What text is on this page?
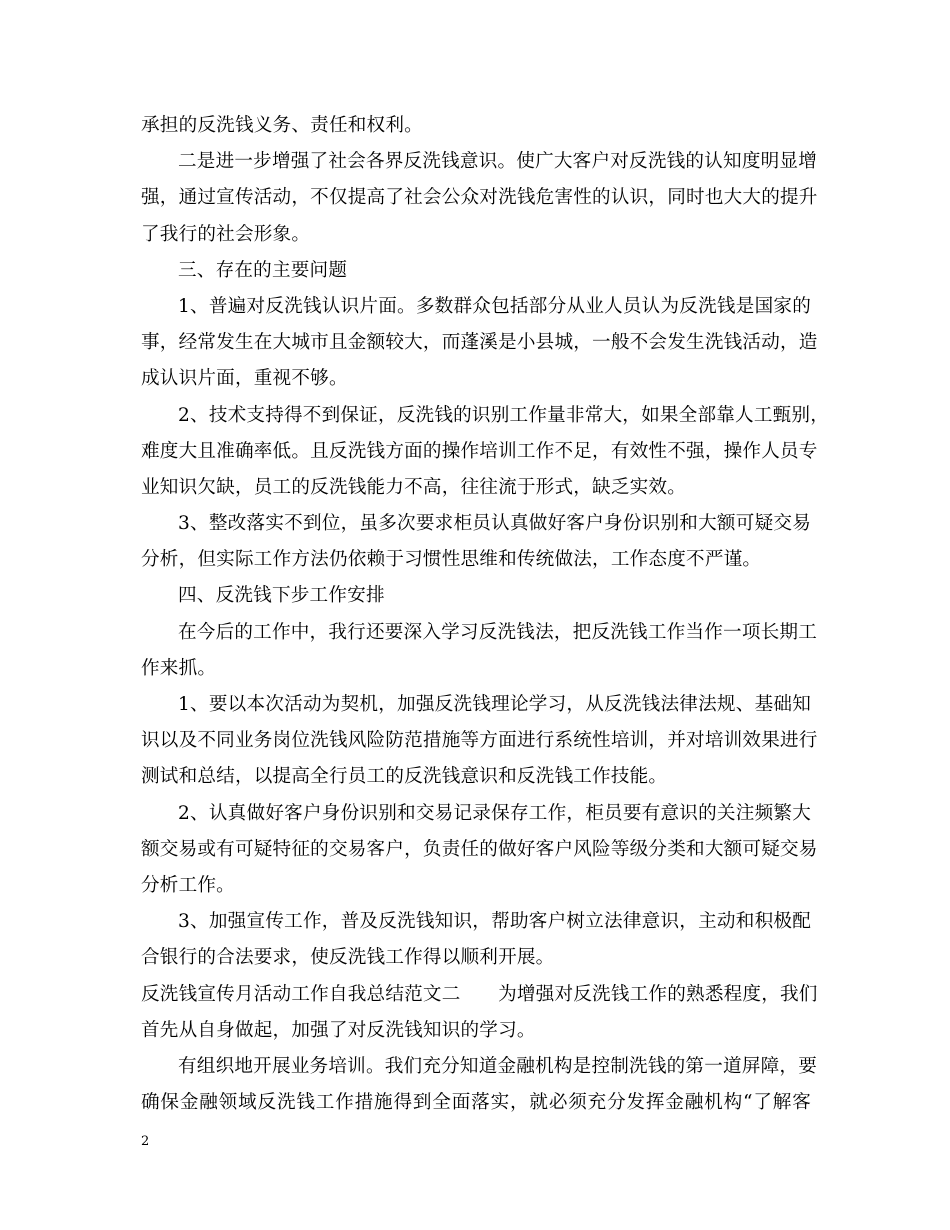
承担的反洗钱义务、责任和权利。
二是进一步增强了社会各界反洗钱意识。使广大客户对反洗钱的认知度明显增
强，通过宣传活动，不仅提高了社会公众对洗钱危害性的认识，同时也大大的提升
了我行的社会形象。
三、存在的主要问题
1、普遍对反洗钱认识片面。多数群众包括部分从业人员认为反洗钱是国家的
事，经常发生在大城市且金额较大，而蓬溪是小县城，一般不会发生洗钱活动，造
成认识片面，重视不够。
2、技术支持得不到保证，反洗钱的识别工作量非常大，如果全部靠人工甄别，
难度大且准确率低。且反洗钱方面的操作培训工作不足，有效性不强，操作人员专
业知识欠缺，员工的反洗钱能力不高，往往流于形式，缺乏实效。
3、整改落实不到位，虽多次要求柜员认真做好客户身份识别和大额可疑交易
分析，但实际工作方法仍依赖于习惯性思维和传统做法，工作态度不严谨。
四、反洗钱下步工作安排
在今后的工作中，我行还要深入学习反洗钱法，把反洗钱工作当作一项长期工
作来抓。
1、要以本次活动为契机，加强反洗钱理论学习，从反洗钱法律法规、基础知
识以及不同业务岗位洗钱风险防范措施等方面进行系统性培训，并对培训效果进行
测试和总结，以提高全行员工的反洗钱意识和反洗钱工作技能。
2、认真做好客户身份识别和交易记录保存工作，柜员要有意识的关注频繁大
额交易或有可疑特征的交易客户，负责任的做好客户风险等级分类和大额可疑交易
分析工作。
3、加强宣传工作，普及反洗钱知识，帮助客户树立法律意识，主动和积极配
合银行的合法要求，使反洗钱工作得以顺利开展。
反洗钱宣传月活动工作自我总结范文二　　为增强对反洗钱工作的熟悉程度，我们
首先从自身做起，加强了对反洗钱知识的学习。
有组织地开展业务培训。我们充分知道金融机构是控制洗钱的第一道屏障，要
确保金融领域反洗钱工作措施得到全面落实，就必须充分发挥金融机构“了解客
2
